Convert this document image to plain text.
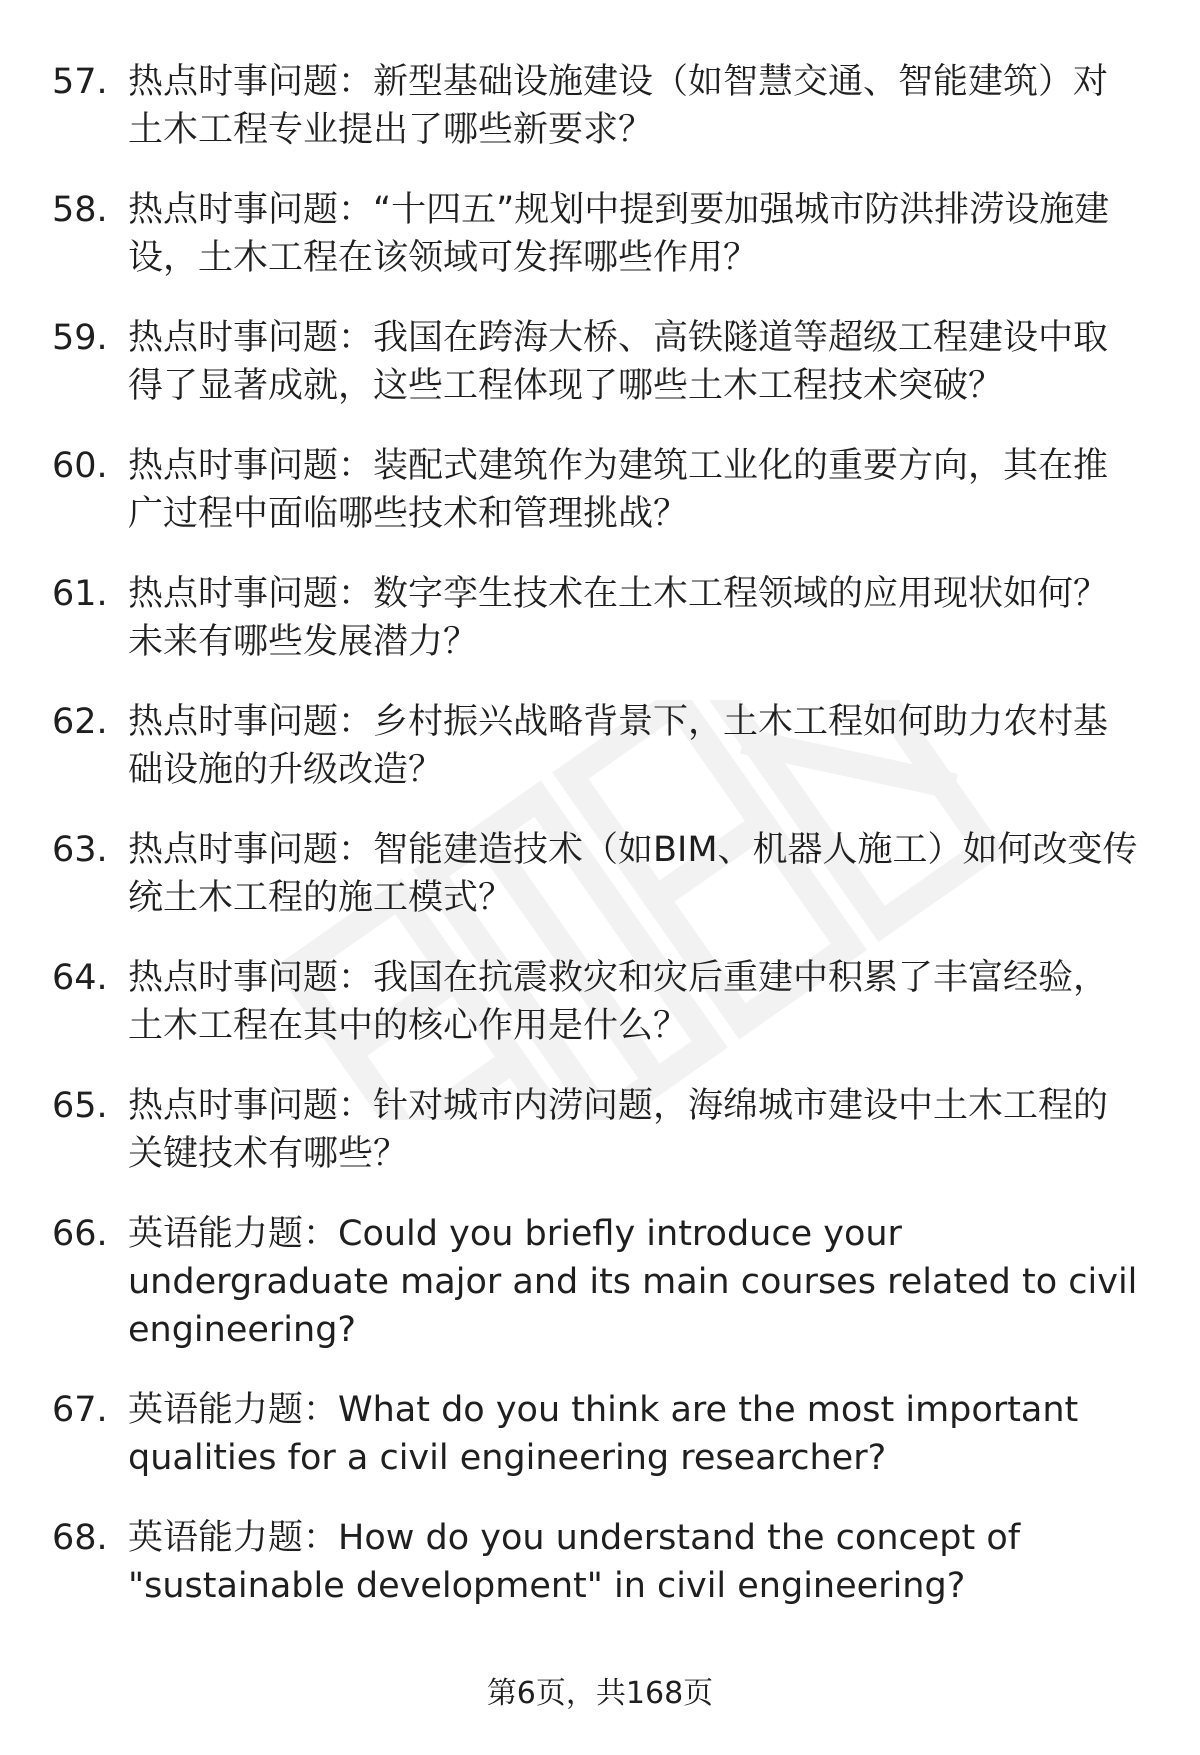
57. 热点时事问题：新型基础设施建设（如智慧交通、智能建筑）对土木工程专业提出了哪些新要求？
58. 热点时事问题：“十四五”规划中提到要加强城市防洪排涝设施建设，土木工程在该领域可发挥哪些作用？
59. 热点时事问题：我国在跨海大桥、高铁隧道等超级工程建设中取得了显著成就，这些工程体现了哪些土木工程技术突破？
60. 热点时事问题：装配式建筑作为建筑工业化的重要方向，其在推广过程中面临哪些技术和管理挑战？
61. 热点时事问题：数字孪生技术在土木工程领域的应用现状如何？未来有哪些发展潜力？
62. 热点时事问题：乡村振兴战略背景下，土木工程如何助力农村基础设施的升级改造？
63. 热点时事问题：智能建造技术（如BIM、机器人施工）如何改变传统土木工程的施工模式？
64. 热点时事问题：我国在抗震救灾和灾后重建中积累了丰富经验，土木工程在其中的核心作用是什么？
65. 热点时事问题：针对城市内涝问题，海绵城市建设中土木工程的关键技术有哪些？
66. 英语能力题：Could you briefly introduce your undergraduate major and its main courses related to civil engineering?
67. 英语能力题：What do you think are the most important qualities for a civil engineering researcher?
68. 英语能力题：How do you understand the concept of "sustainable development" in civil engineering?
第6页，共168页
